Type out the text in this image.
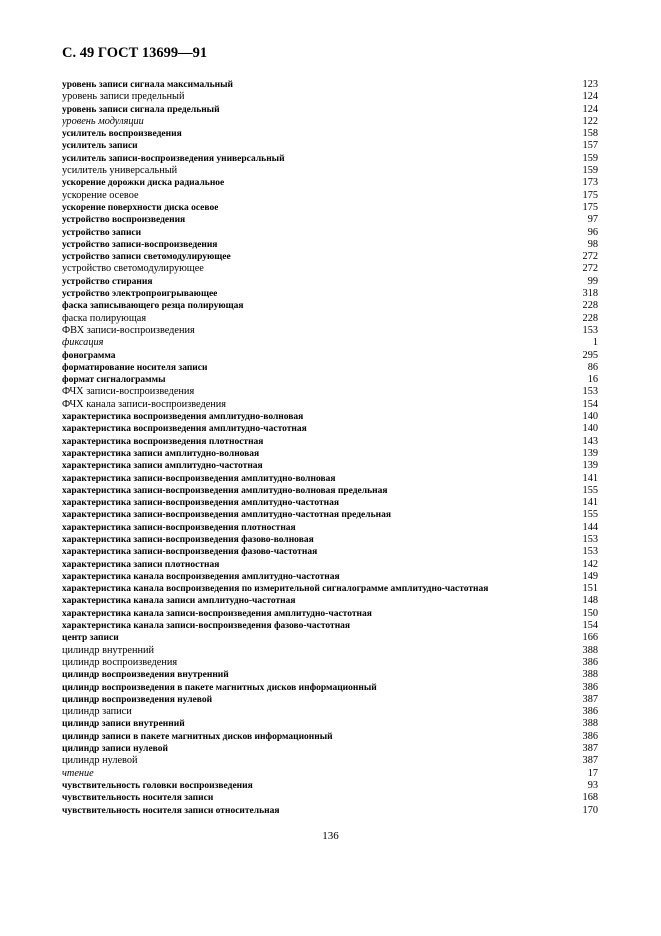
С. 49 ГОСТ 13699—91
уровень записи сигнала максимальный	123
уровень записи предельный	124
уровень записи сигнала предельный	124
уровень модуляции	122
усилитель воспроизведения	158
усилитель записи	157
усилитель записи-воспроизведения универсальный	159
усилитель универсальный	159
ускорение дорожки диска радиальное	173
ускорение осевое	175
ускорение поверхности диска осевое	175
устройство воспроизведения	97
устройство записи	96
устройство записи-воспроизведения	98
устройство записи светомодулирующее	272
устройство светомодулирующее	272
устройство стирания	99
устройство электропроигрывающее	318
фаска записывающего резца полирующая	228
фаска полирующая	228
ФВХ записи-воспроизведения	153
фиксация	1
фонограмма	295
форматирование носителя записи	86
формат сигналограммы	16
ФЧХ записи-воспроизведения	153
ФЧХ канала записи-воспроизведения	154
характеристика воспроизведения амплитудно-волновая	140
характеристика воспроизведения амплитудно-частотная	140
характеристика воспроизведения плотностная	143
характеристика записи амплитудно-волновая	139
характеристика записи амплитудно-частотная	139
характеристика записи-воспроизведения амплитудно-волновая	141
характеристика записи-воспроизведения амплитудно-волновая предельная	155
характеристика записи-воспроизведения амплитудно-частотная	141
характеристика записи-воспроизведения амплитудно-частотная предельная	155
характеристика записи-воспроизведения плотностная	144
характеристика записи-воспроизведения фазово-волновая	153
характеристика записи-воспроизведения фазово-частотная	153
характеристика записи плотностная	142
характеристика канала воспроизведения амплитудно-частотная	149
характеристика канала воспроизведения по измерительной сигналограмме амплитудно-частотная	151
характеристика канала записи амплитудно-частотная	148
характеристика канала записи-воспроизведения амплитудно-частотная	150
характеристика канала записи-воспроизведения фазово-частотная	154
центр записи	166
цилиндр внутренний	388
цилиндр воспроизведения	386
цилиндр воспроизведения внутренний	388
цилиндр воспроизведения в пакете магнитных дисков информационный	386
цилиндр воспроизведения нулевой	387
цилиндр записи	386
цилиндр записи внутренний	388
цилиндр записи в пакете магнитных дисков информационный	386
цилиндр записи нулевой	387
цилиндр нулевой	387
чтение	17
чувствительность головки воспроизведения	93
чувствительность носителя записи	168
чувствительность носителя записи относительная	170
136
